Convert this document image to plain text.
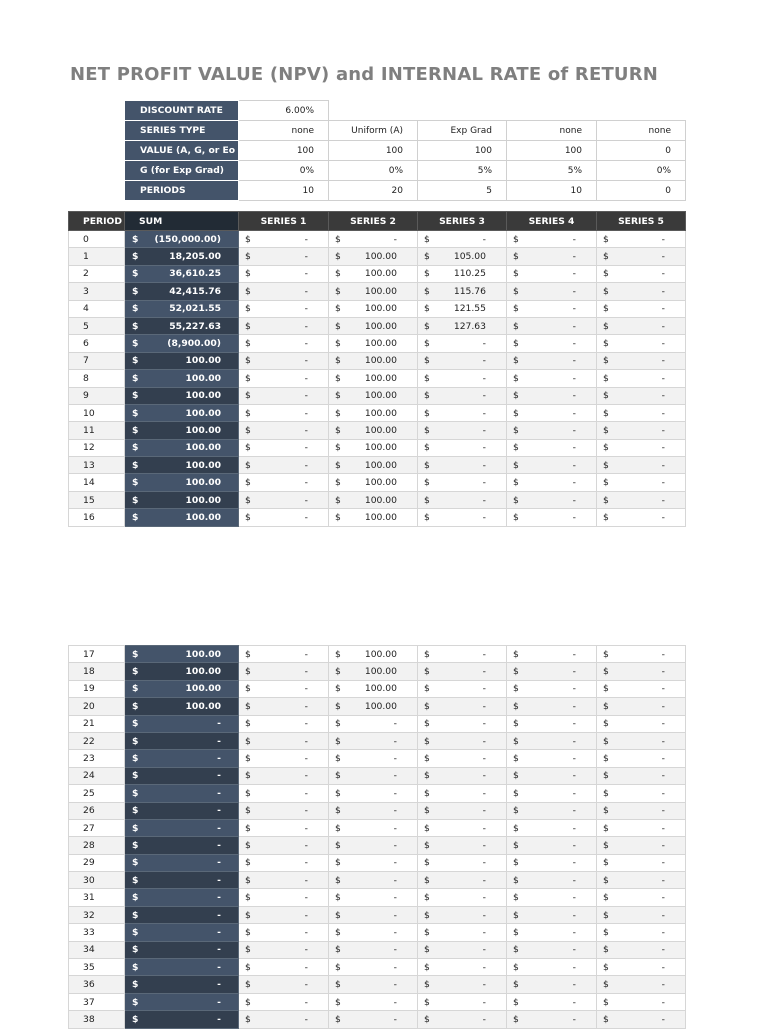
NET PROFIT VALUE (NPV) and INTERNAL RATE of RETURN
DISCOUNT RATE	6.00%				
SERIES TYPE	none	Uniform (A)	Exp Grad	none	none
VALUE (A, G, or Eo	100	100	100	100	0
G (for Exp Grad)	0%	0%	5%	5%	0%
PERIODS	10	20	5	10	0
PERIOD	SUM	SERIES 1	SERIES 2	SERIES 3	SERIES 4	SERIES 5
0	$ (150,000.00)	$ -	$ -	$ -	$ -	$ -

1	$ 18,205.00	$ -	$ 100.00	$ 105.00	$ -	$ -

2	$ 36,610.25	$ -	$ 100.00	$ 110.25	$ -	$ -

3	$ 42,415.76	$ -	$ 100.00	$ 115.76	$ -	$ -

4	$ 52,021.55	$ -	$ 100.00	$ 121.55	$ -	$ -

5	$ 55,227.63	$ -	$ 100.00	$ 127.63	$ -	$ -

6	$ (8,900.00)	$ -	$ 100.00	$ -	$ -	$ -

7	$ 100.00	$ -	$ 100.00	$ -	$ -	$ -

8	$ 100.00	$ -	$ 100.00	$ -	$ -	$ -

9	$ 100.00	$ -	$ 100.00	$ -	$ -	$ -

10	$ 100.00	$ -	$ 100.00	$ -	$ -	$ -

11	$ 100.00	$ -	$ 100.00	$ -	$ -	$ -

12	$ 100.00	$ -	$ 100.00	$ -	$ -	$ -

13	$ 100.00	$ -	$ 100.00	$ -	$ -	$ -

14	$ 100.00	$ -	$ 100.00	$ -	$ -	$ -

15	$ 100.00	$ -	$ 100.00	$ -	$ -	$ -

16	$ 100.00	$ -	$ 100.00	$ -	$ -	$ -
17	$ 100.00	$ -	$ 100.00	$ -	$ -	$ -

18	$ 100.00	$ -	$ 100.00	$ -	$ -	$ -

19	$ 100.00	$ -	$ 100.00	$ -	$ -	$ -

20	$ 100.00	$ -	$ 100.00	$ -	$ -	$ -

21	$ -	$ -	$ -	$ -	$ -	$ -

22	$ -	$ -	$ -	$ -	$ -	$ -

23	$ -	$ -	$ -	$ -	$ -	$ -

24	$ -	$ -	$ -	$ -	$ -	$ -

25	$ -	$ -	$ -	$ -	$ -	$ -

26	$ -	$ -	$ -	$ -	$ -	$ -

27	$ -	$ -	$ -	$ -	$ -	$ -

28	$ -	$ -	$ -	$ -	$ -	$ -

29	$ -	$ -	$ -	$ -	$ -	$ -

30	$ -	$ -	$ -	$ -	$ -	$ -

31	$ -	$ -	$ -	$ -	$ -	$ -

32	$ -	$ -	$ -	$ -	$ -	$ -

33	$ -	$ -	$ -	$ -	$ -	$ -

34	$ -	$ -	$ -	$ -	$ -	$ -

35	$ -	$ -	$ -	$ -	$ -	$ -

36	$ -	$ -	$ -	$ -	$ -	$ -

37	$ -	$ -	$ -	$ -	$ -	$ -

38	$ -	$ -	$ -	$ -	$ -	$ -
